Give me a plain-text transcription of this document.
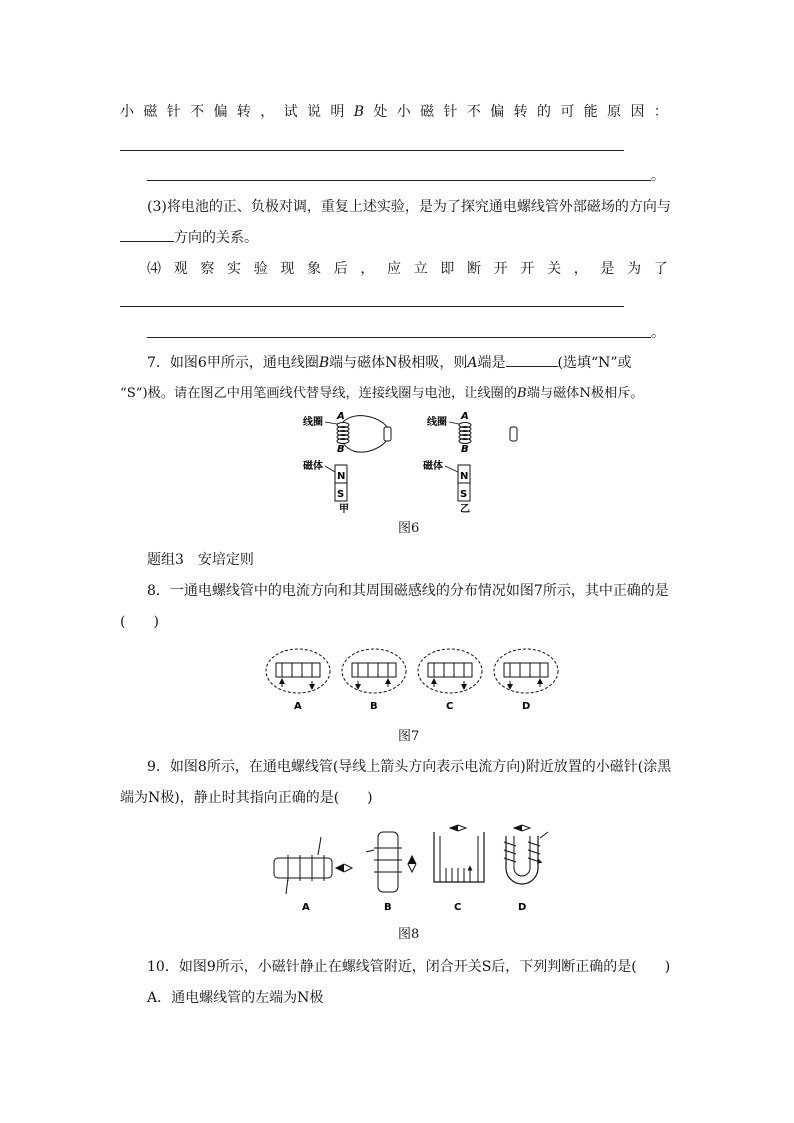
小 磁 针 不 偏 转 ， 试 说 明 B 处 小 磁 针 不 偏 转 的 可 能 原 因 ：
。
(3)将电池的正、负极对调，重复上述实验，是为了探究通电螺线管外部磁场的方向与
方向的关系。
⑷ 观 察 实 验 现 象 后 ， 应 立 即 断 开 开 关 ， 是 为 了
。
7．如图6甲所示，通电线圈B端与磁体N极相吸，则A端是	(选填“N”或
“S”)极。请在图乙中用笔画线代替导线，连接线圈与电池，让线圈的B端与磁体N极相斥。
线圈
A
B
磁体
N
S
甲
线圈
A
B
磁体
N
S
乙
图6
题组3　安培定则
8．一通电螺线管中的电流方向和其周围磁感线的分布情况如图7所示，其中正确的是
(　　)
A	B	C	D
图7
9．如图8所示，在通电螺线管(导线上箭头方向表示电流方向)附近放置的小磁针(涂黑
端为N极)，静止时其指向正确的是(　　)
A	B	C	D
图8
10．如图9所示，小磁针静止在螺线管附近，闭合开关S后，下列判断正确的是(　　)
A．通电螺线管的左端为N极
